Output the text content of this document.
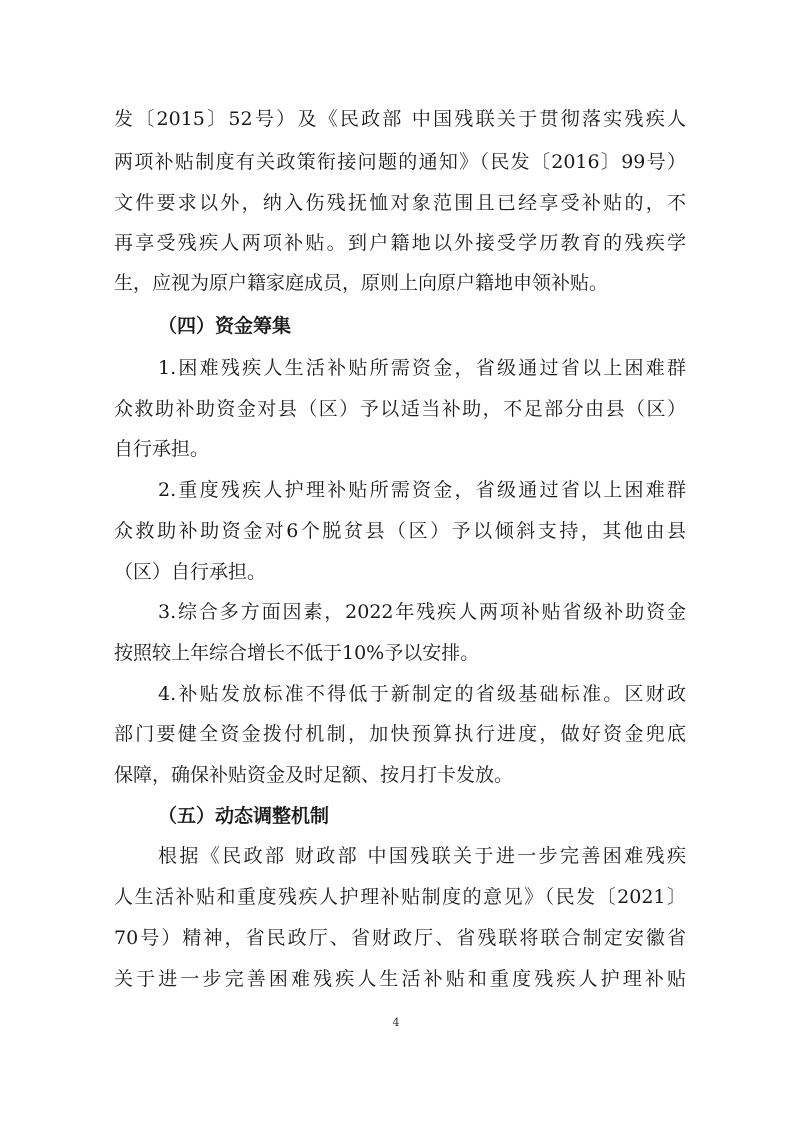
发〔2015〕52号）及《民政部 中国残联关于贯彻落实残疾人
两项补贴制度有关政策衔接问题的通知》（民发〔2016〕99号）
文件要求以外，纳入伤残抚恤对象范围且已经享受补贴的，不
再享受残疾人两项补贴。到户籍地以外接受学历教育的残疾学
生，应视为原户籍家庭成员，原则上向原户籍地申领补贴。
（四）资金筹集
1.困难残疾人生活补贴所需资金，省级通过省以上困难群
众救助补助资金对县（区）予以适当补助，不足部分由县（区）
自行承担。
2.重度残疾人护理补贴所需资金，省级通过省以上困难群
众救助补助资金对6个脱贫县（区）予以倾斜支持，其他由县
（区）自行承担。
3.综合多方面因素，2022年残疾人两项补贴省级补助资金
按照较上年综合增长不低于10%予以安排。
4.补贴发放标准不得低于新制定的省级基础标准。区财政
部门要健全资金拨付机制，加快预算执行进度，做好资金兜底
保障，确保补贴资金及时足额、按月打卡发放。
（五）动态调整机制
根据《民政部 财政部 中国残联关于进一步完善困难残疾
人生活补贴和重度残疾人护理补贴制度的意见》（民发〔2021〕
70号）精神，省民政厅、省财政厅、省残联将联合制定安徽省
关于进一步完善困难残疾人生活补贴和重度残疾人护理补贴
4
